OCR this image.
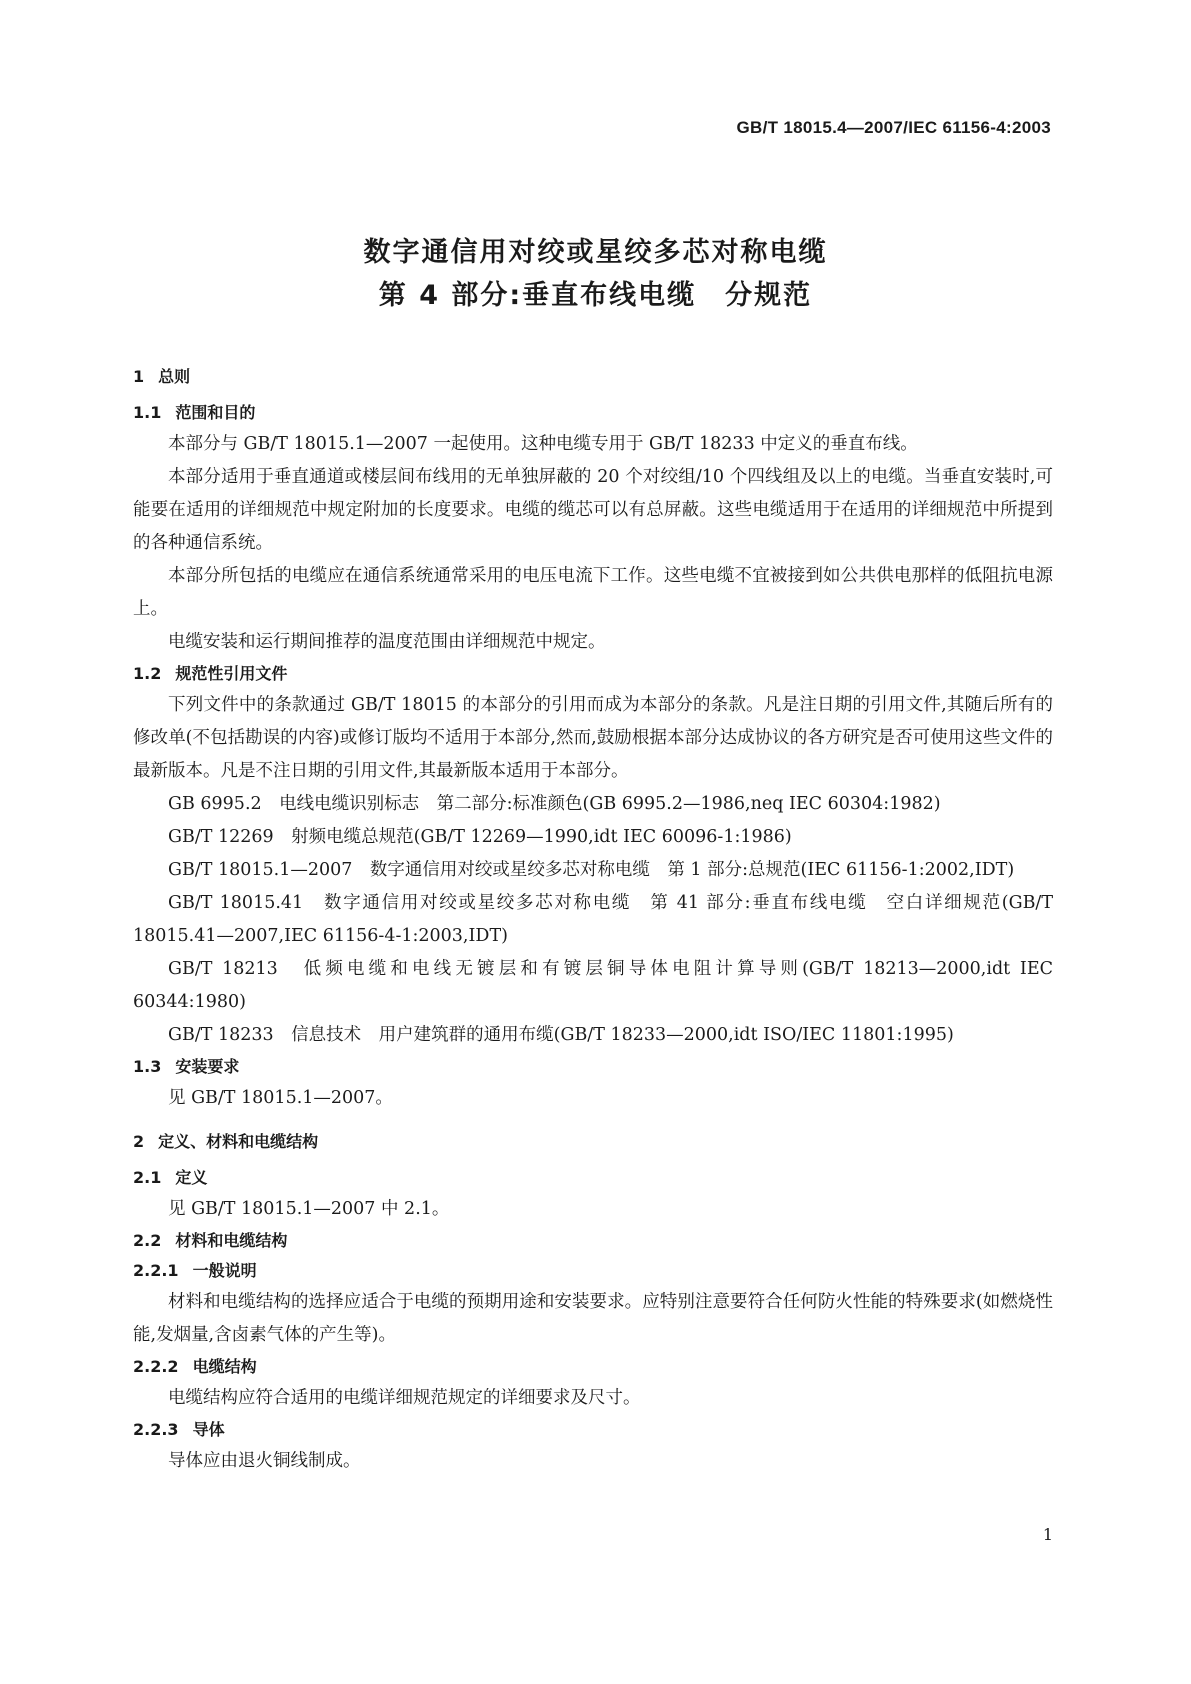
GB/T 18015.4—2007/IEC 61156-4:2003
数字通信用对绞或星绞多芯对称电缆
第 4 部分:垂直布线电缆　分规范
1 总则
1.1 范围和目的

本部分与 GB/T 18015.1—2007 一起使用。这种电缆专用于 GB/T 18233 中定义的垂直布线。

本部分适用于垂直通道或楼层间布线用的无单独屏蔽的 20 个对绞组/10 个四线组及以上的电缆。当垂直安装时,可能要在适用的详细规范中规定附加的长度要求。电缆的缆芯可以有总屏蔽。这些电缆适用于在适用的详细规范中所提到的各种通信系统。

本部分所包括的电缆应在通信系统通常采用的电压电流下工作。这些电缆不宜被接到如公共供电那样的低阻抗电源上。

电缆安装和运行期间推荐的温度范围由详细规范中规定。

1.2 规范性引用文件

下列文件中的条款通过 GB/T 18015 的本部分的引用而成为本部分的条款。凡是注日期的引用文件,其随后所有的修改单(不包括勘误的内容)或修订版均不适用于本部分,然而,鼓励根据本部分达成协议的各方研究是否可使用这些文件的最新版本。凡是不注日期的引用文件,其最新版本适用于本部分。

GB 6995.2　电线电缆识别标志　第二部分:标准颜色(GB 6995.2—1986,neq IEC 60304:1982)

GB/T 12269　射频电缆总规范(GB/T 12269—1990,idt IEC 60096-1:1986)

GB/T 18015.1—2007　数字通信用对绞或星绞多芯对称电缆　第 1 部分:总规范(IEC 61156-1:2002,IDT)

GB/T 18015.41　数字通信用对绞或星绞多芯对称电缆　第 41 部分:垂直布线电缆　空白详细规范(GB/T 18015.41—2007,IEC 61156-4-1:2003,IDT)

GB/T 18213　低频电缆和电线无镀层和有镀层铜导体电阻计算导则(GB/T 18213—2000,idt IEC 60344:1980)

GB/T 18233　信息技术　用户建筑群的通用布缆(GB/T 18233—2000,idt ISO/IEC 11801:1995)

1.3 安装要求

见 GB/T 18015.1—2007。

2 定义、材料和电缆结构
2.1 定义

见 GB/T 18015.1—2007 中 2.1。

2.2 材料和电缆结构
2.2.1 一般说明

材料和电缆结构的选择应适合于电缆的预期用途和安装要求。应特别注意要符合任何防火性能的特殊要求(如燃烧性能,发烟量,含卤素气体的产生等)。

2.2.2 电缆结构

电缆结构应符合适用的电缆详细规范规定的详细要求及尺寸。

2.2.3 导体

导体应由退火铜线制成。

1
